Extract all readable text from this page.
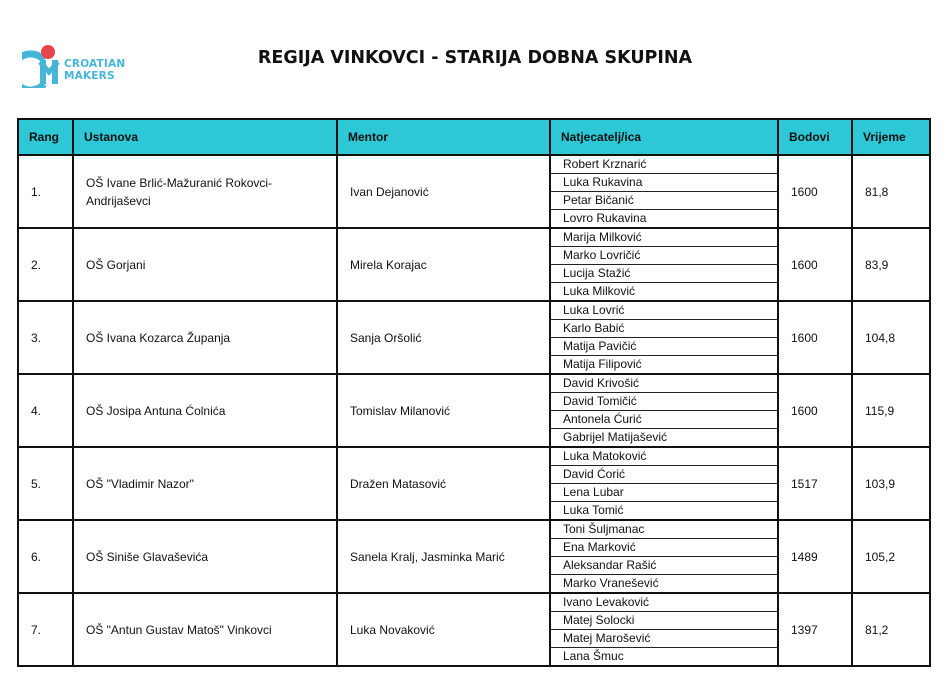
CROATIAN
MAKERS
REGIJA VINKOVCI - STARIJA DOBNA SKUPINA
Rang	Ustanova	Mentor	Natjecatelj/ica	Bodovi	Vrijeme
1.	OŠ Ivane Brlić-Mažuranić Rokovci-Andrijaševci	Ivan Dejanović	Robert Krznarić
Luka Rukavina
Petar Bičanić
Lovro Rukavina	1600	81,8
2.	OŠ Gorjani	Mirela Korajac	Marija Milković
Marko Lovričić
Lucija Stažić
Luka Milković	1600	83,9
3.	OŠ Ivana Kozarca Županja	Sanja Oršolić	Luka Lovrić
Karlo Babić
Matija Pavičić
Matija Filipović	1600	104,8
4.	OŠ Josipa Antuna Ćolnića	Tomislav Milanović	David Krivošić
David Tomičić
Antonela Ćurić
Gabrijel Matijašević	1600	115,9
5.	OŠ "Vladimir Nazor"	Dražen Matasović	Luka Matoković
David Ćorić
Lena Lubar
Luka Tomić	1517	103,9
6.	OŠ Siniše Glavaševića	Sanela Kralj, Jasminka Marić	Toni Šuljmanac
Ena Marković
Aleksandar Rašić
Marko Vranešević	1489	105,2
7.	OŠ "Antun Gustav Matoš" Vinkovci	Luka Novaković	Ivano Levaković
Matej Solocki
Matej Marošević
Lana Šmuc	1397	81,2
